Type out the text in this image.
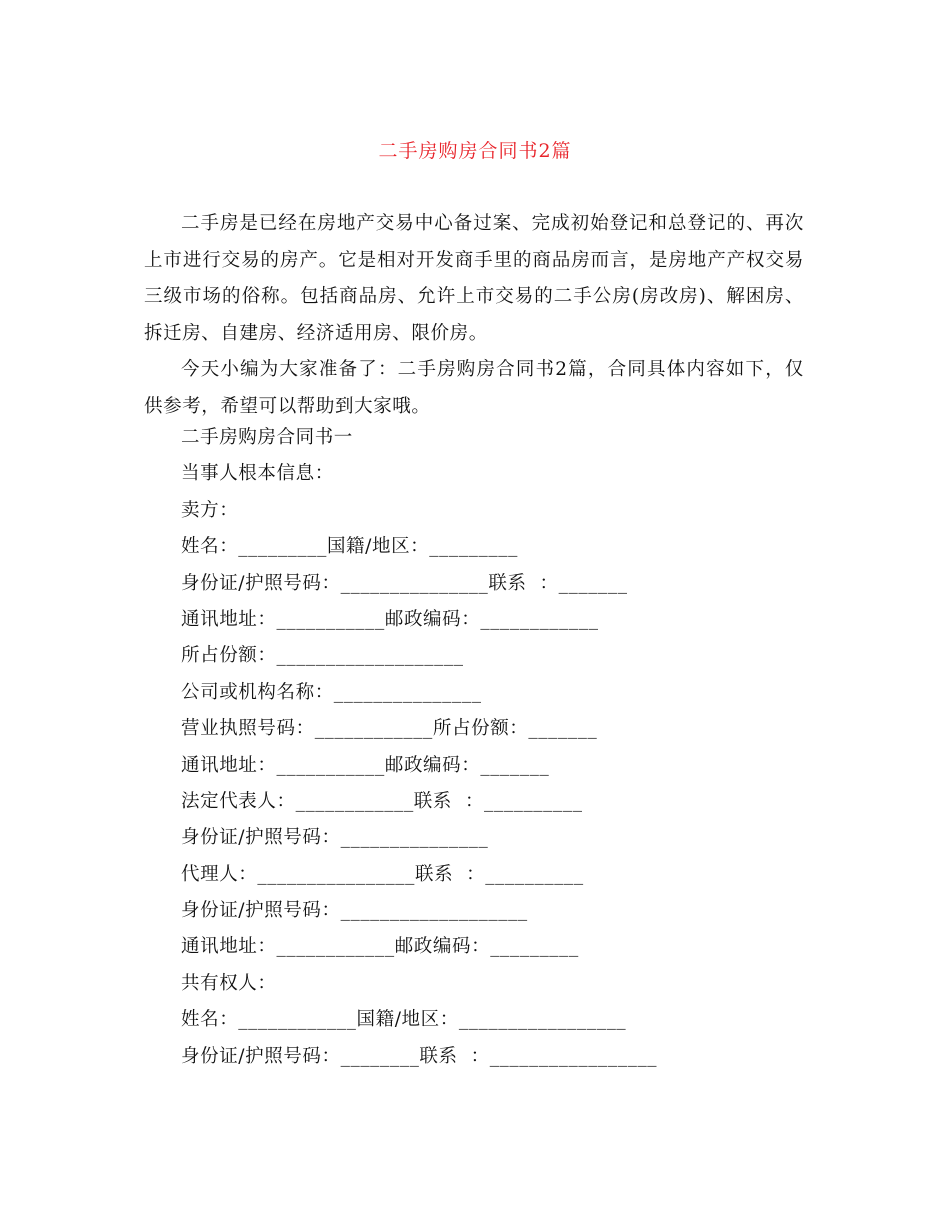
二手房购房合同书2篇

二手房是已经在房地产交易中心备过案、完成初始登记和总登记的、再次上市进行交易的房产。它是相对开发商手里的商品房而言，是房地产产权交易三级市场的俗称。包括商品房、允许上市交易的二手公房(房改房)、解困房、拆迁房、自建房、经济适用房、限价房。

今天小编为大家准备了：二手房购房合同书2篇，合同具体内容如下，仅供参考，希望可以帮助到大家哦。

二手房购房合同书一
当事人根本信息：
卖方：
姓名：_________国籍/地区：_________
身份证/护照号码：_______________联系  ：_______
通讯地址：___________邮政编码：____________
所占份额：___________________
公司或机构名称：_______________
营业执照号码：____________所占份额：_______
通讯地址：___________邮政编码：_______
法定代表人：____________联系  ：__________
身份证/护照号码：_______________
代理人：________________联系  ：__________
身份证/护照号码：___________________
通讯地址：____________邮政编码：_________
共有权人：
姓名：____________国籍/地区：_________________
身份证/护照号码：________联系  ：_________________
